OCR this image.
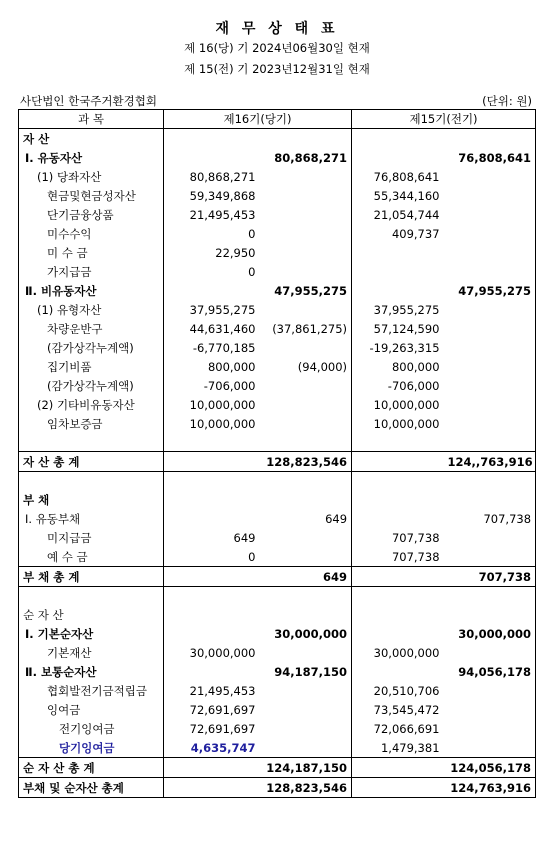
재 무 상 태 표
제 16(당) 기 2024년06월30일 현재
제 15(전) 기 2023년12월31일 현재
사단법인 한국주거환경협회	(단위: 원)
과 목	제16기(당기)		제15기(전기)	
자 산				
Ⅰ. 유동자산		80,868,271		76,808,641
(1) 당좌자산	80,868,271		76,808,641	
현금및현금성자산	59,349,868		55,344,160	
단기금융상품	21,495,453		21,054,744	
미수수익	0		409,737	
미 수 금	22,950			
가지급금	0			
Ⅱ. 비유동자산		47,955,275		47,955,275
(1) 유형자산	37,955,275		37,955,275	
차량운반구	44,631,460	(37,861,275)	57,124,590	
(감가상각누계액)	-6,770,185		-19,263,315	
집기비품	800,000	(94,000)	800,000	
(감가상각누계액)	-706,000		-706,000	
(2) 기타비유동자산	10,000,000		10,000,000	
임차보증금	10,000,000		10,000,000	

자 산 총 계		128,823,546		124,,763,916

부 채				
Ⅰ. 유동부채		649		707,738
미지급금	649		707,738	
예 수 금	0		707,738	
부 채 총 계		649		707,738

순 자 산				
Ⅰ. 기본순자산		30,000,000		30,000,000
기본재산	30,000,000		30,000,000	
Ⅱ. 보통순자산		94,187,150		94,056,178
협회발전기금적립금	21,495,453		20,510,706	
잉여금	72,691,697		73,545,472	
전기잉여금	72,691,697		72,066,691	
당기잉여금	4,635,747		1,479,381	
순 자 산 총 계		124,187,150		124,056,178
부채 및 순자산 총계		128,823,546		124,763,916
